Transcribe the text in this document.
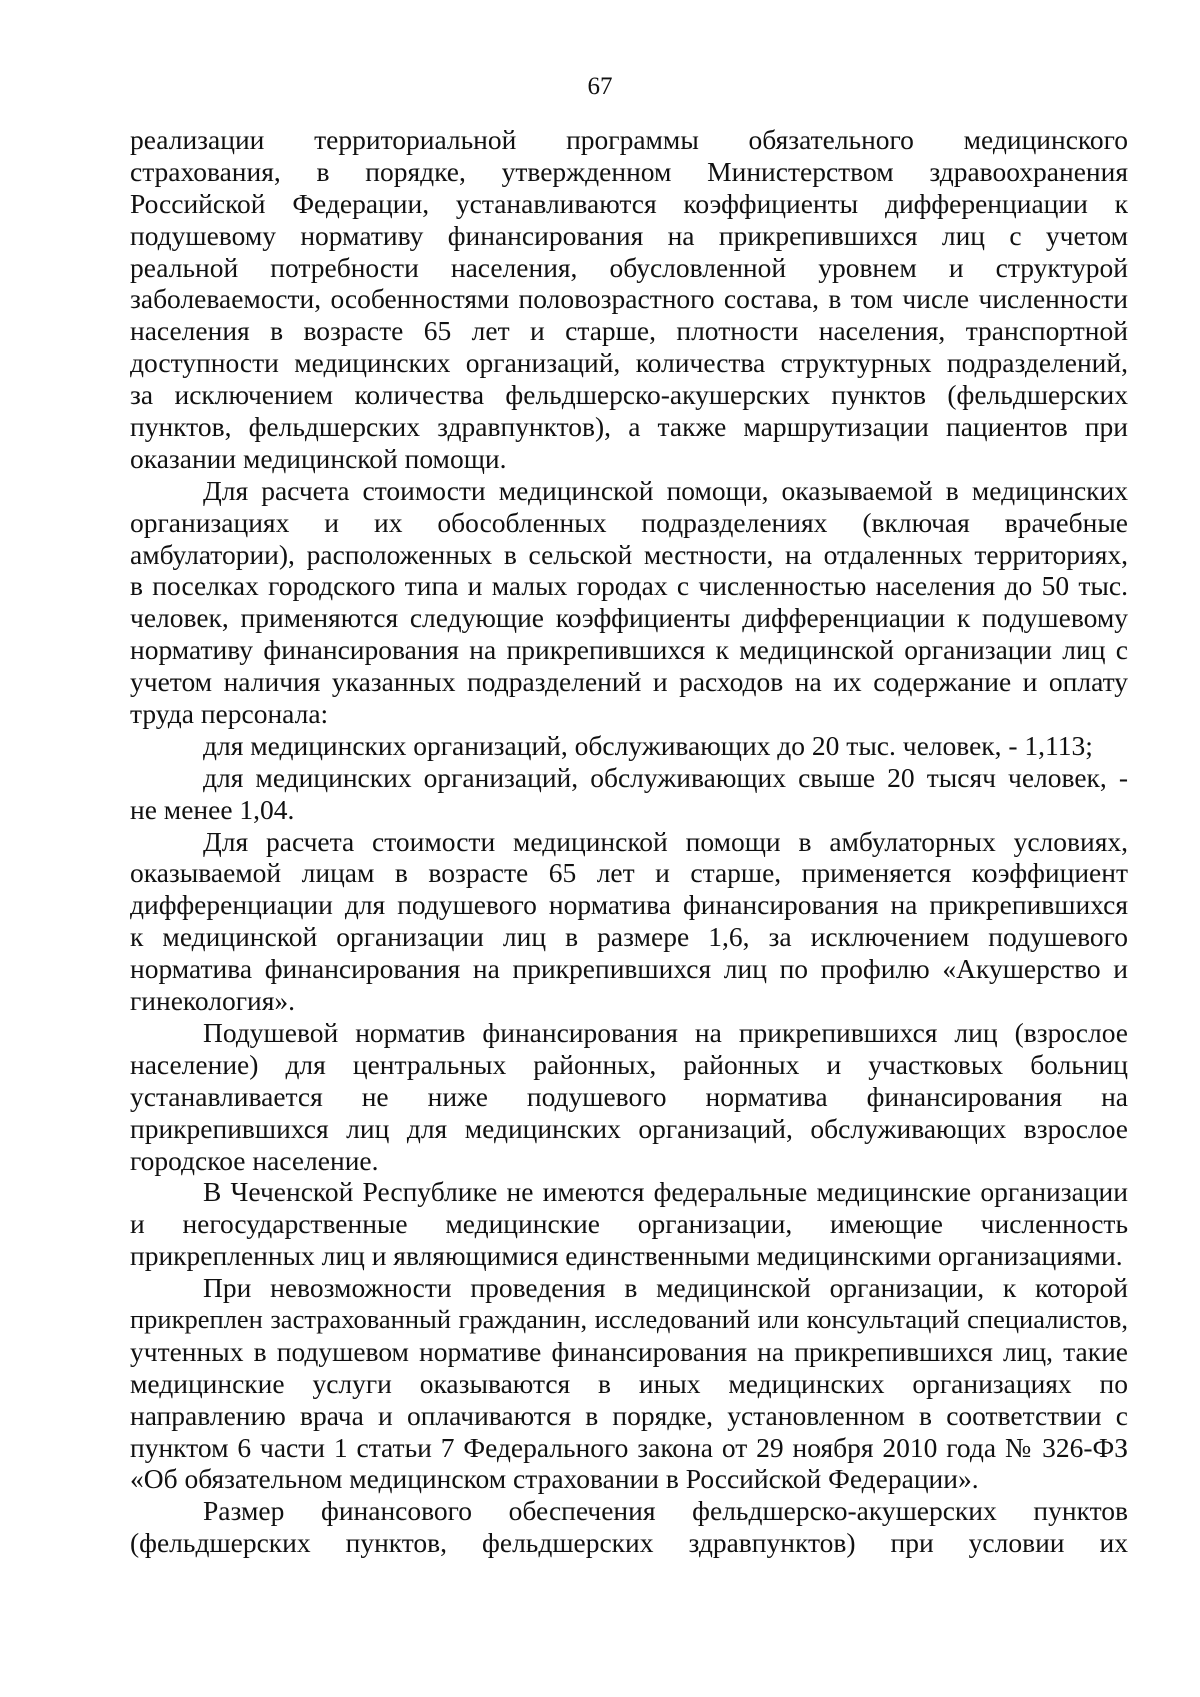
67
реализации территориальной программы обязательного медицинского
страхования, в порядке, утвержденном Министерством здравоохранения
Российской Федерации, устанавливаются коэффициенты дифференциации к
подушевому нормативу финансирования на прикрепившихся лиц с учетом
реальной потребности населения, обусловленной уровнем и структурой
заболеваемости, особенностями половозрастного состава, в том числе численности
населения в возрасте 65 лет и старше, плотности населения, транспортной
доступности медицинских организаций, количества структурных подразделений,
за исключением количества фельдшерско-акушерских пунктов (фельдшерских
пунктов, фельдшерских здравпунктов), а также маршрутизации пациентов при
оказании медицинской помощи.
Для расчета стоимости медицинской помощи, оказываемой в медицинских
организациях и их обособленных подразделениях (включая врачебные
амбулатории), расположенных в сельской местности, на отдаленных территориях,
в поселках городского типа и малых городах с численностью населения до 50 тыс.
человек, применяются следующие коэффициенты дифференциации к подушевому
нормативу финансирования на прикрепившихся к медицинской организации лиц с
учетом наличия указанных подразделений и расходов на их содержание и оплату
труда персонала:
для медицинских организаций, обслуживающих до 20 тыс. человек, - 1,113;
для медицинских организаций, обслуживающих свыше 20 тысяч человек, -
не менее 1,04.
Для расчета стоимости медицинской помощи в амбулаторных условиях,
оказываемой лицам в возрасте 65 лет и старше, применяется коэффициент
дифференциации для подушевого норматива финансирования на прикрепившихся
к медицинской организации лиц в размере 1,6, за исключением подушевого
норматива финансирования на прикрепившихся лиц по профилю «Акушерство и
гинекология».
Подушевой норматив финансирования на прикрепившихся лиц (взрослое
население) для центральных районных, районных и участковых больниц
устанавливается не ниже подушевого норматива финансирования на
прикрепившихся лиц для медицинских организаций, обслуживающих взрослое
городское население.
В Чеченской Республике не имеются федеральные медицинские организации
и негосударственные медицинские организации, имеющие численность
прикрепленных лиц и являющимися единственными медицинскими организациями.
При невозможности проведения в медицинской организации, к которой
прикреплен застрахованный гражданин, исследований или консультаций специалистов,
учтенных в подушевом нормативе финансирования на прикрепившихся лиц, такие
медицинские услуги оказываются в иных медицинских организациях по
направлению врача и оплачиваются в порядке, установленном в соответствии с
пунктом 6 части 1 статьи 7 Федерального закона от 29 ноября 2010 года № 326-ФЗ
«Об обязательном медицинском страховании в Российской Федерации».
Размер финансового обеспечения фельдшерско-акушерских пунктов
(фельдшерских пунктов, фельдшерских здравпунктов) при условии их
